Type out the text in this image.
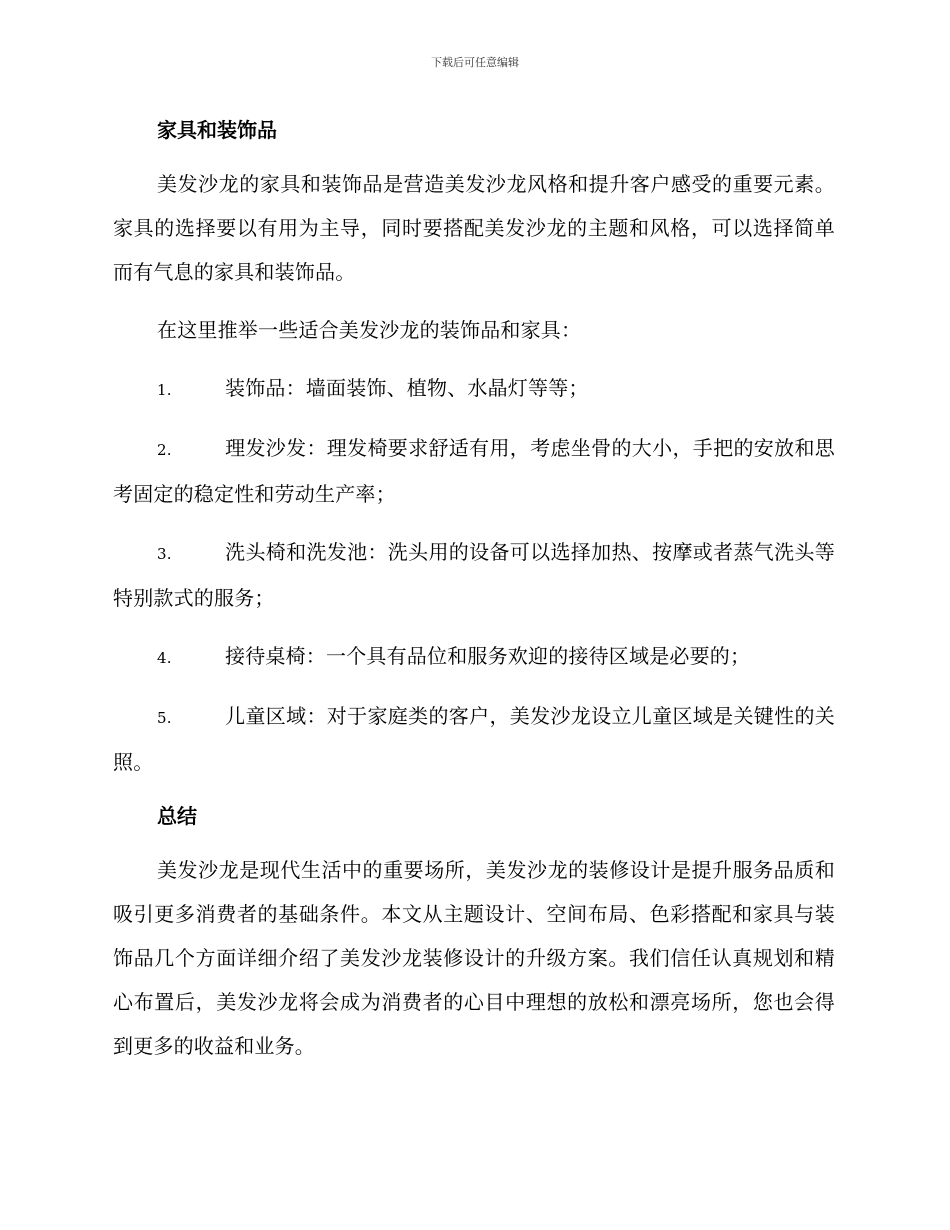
下载后可任意编辑
家具和装饰品

美发沙龙的家具和装饰品是营造美发沙龙风格和提升客户感受的重要元素。家具的选择要以有用为主导，同时要搭配美发沙龙的主题和风格，可以选择简单而有气息的家具和装饰品。

在这里推举一些适合美发沙龙的装饰品和家具：

1.	装饰品：墙面装饰、植物、水晶灯等等；

2.	理发沙发：理发椅要求舒适有用，考虑坐骨的大小，手把的安放和思考固定的稳定性和劳动生产率；

3.	洗头椅和洗发池：洗头用的设备可以选择加热、按摩或者蒸气洗头等特别款式的服务；

4.	接待桌椅：一个具有品位和服务欢迎的接待区域是必要的；

5.	儿童区域：对于家庭类的客户，美发沙龙设立儿童区域是关键性的关照。

总结

美发沙龙是现代生活中的重要场所，美发沙龙的装修设计是提升服务品质和吸引更多消费者的基础条件。本文从主题设计、空间布局、色彩搭配和家具与装饰品几个方面详细介绍了美发沙龙装修设计的升级方案。我们信任认真规划和精心布置后，美发沙龙将会成为消费者的心目中理想的放松和漂亮场所，您也会得到更多的收益和业务。
